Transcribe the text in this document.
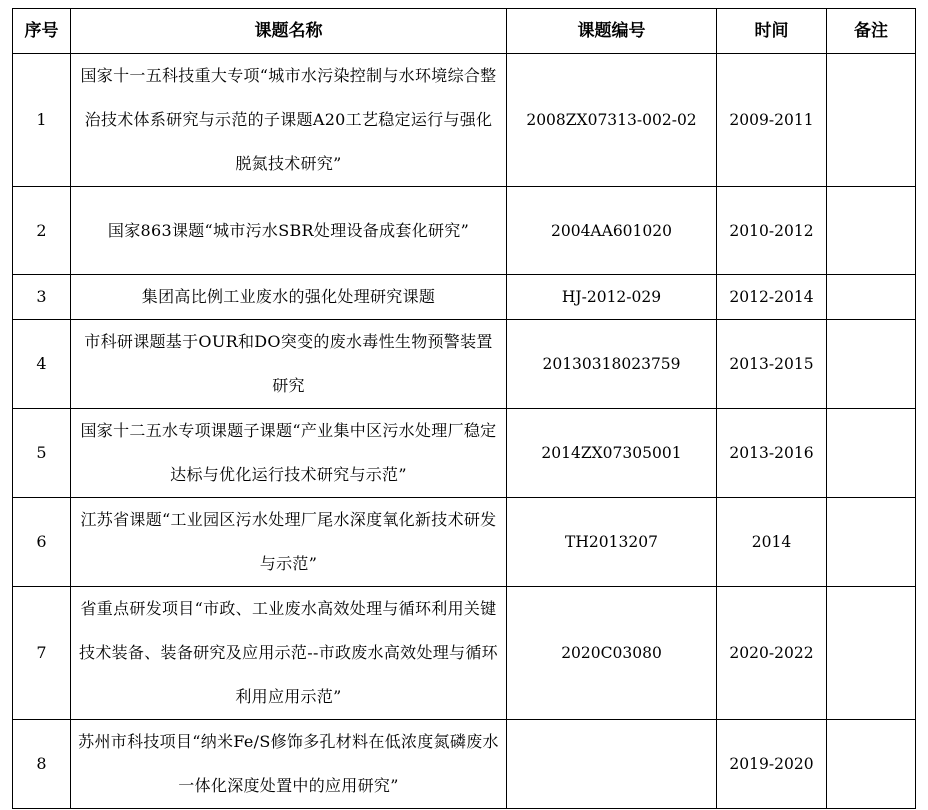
序号	课题名称	课题编号	时间	备注
1	国家十一五科技重大专项“城市水污染控制与水环境综合整治技术体系研究与示范的子课题A20工艺稳定运行与强化脱氮技术研究”	2008ZX07313-002-02	2009-2011	
2	国家863课题“城市污水SBR处理设备成套化研究”	2004AA601020	2010-2012	
3	集团高比例工业废水的强化处理研究课题	HJ-2012-029	2012-2014	
4	市科研课题基于OUR和DO突变的废水毒性生物预警装置研究	20130318023759	2013-2015	
5	国家十二五水专项课题子课题“产业集中区污水处理厂稳定达标与优化运行技术研究与示范”	2014ZX07305001	2013-2016	
6	江苏省课题“工业园区污水处理厂尾水深度氧化新技术研发与示范”	TH2013207	2014	
7	省重点研发项目“市政、工业废水高效处理与循环利用关键技术装备、装备研究及应用示范--市政废水高效处理与循环利用应用示范”	2020C03080	2020-2022	
8	苏州市科技项目“纳米Fe/S修饰多孔材料在低浓度氮磷废水一体化深度处置中的应用研究”		2019-2020	
